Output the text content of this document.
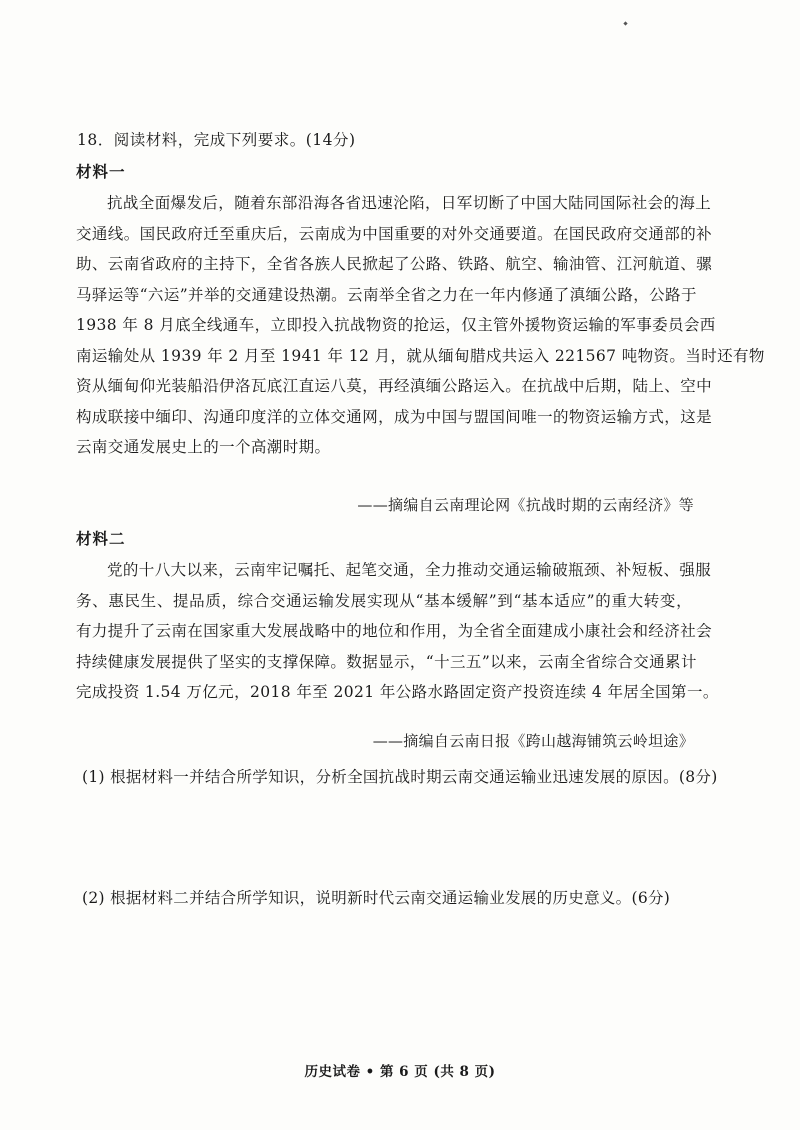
18．阅读材料，完成下列要求。(14分)
材料一
抗战全面爆发后，随着东部沿海各省迅速沦陷，日军切断了中国大陆同国际社会的海上
交通线。国民政府迁至重庆后，云南成为中国重要的对外交通要道。在国民政府交通部的补
助、云南省政府的主持下，全省各族人民掀起了公路、铁路、航空、输油管、江河航道、骡
马驿运等“六运”并举的交通建设热潮。云南举全省之力在一年内修通了滇缅公路，公路于
1938 年 8 月底全线通车，立即投入抗战物资的抢运，仅主管外援物资运输的军事委员会西
南运输处从 1939 年 2 月至 1941 年 12 月，就从缅甸腊戍共运入 221567 吨物资。当时还有物
资从缅甸仰光装船沿伊洛瓦底江直运八莫，再经滇缅公路运入。在抗战中后期，陆上、空中
构成联接中缅印、沟通印度洋的立体交通网，成为中国与盟国间唯一的物资运输方式，这是
云南交通发展史上的一个高潮时期。
——摘编自云南理论网《抗战时期的云南经济》等
材料二
党的十八大以来，云南牢记嘱托、起笔交通，全力推动交通运输破瓶颈、补短板、强服
务、惠民生、提品质，综合交通运输发展实现从“基本缓解”到“基本适应”的重大转变，
有力提升了云南在国家重大发展战略中的地位和作用，为全省全面建成小康社会和经济社会
持续健康发展提供了坚实的支撑保障。数据显示，“十三五”以来，云南全省综合交通累计
完成投资 1.54 万亿元，2018 年至 2021 年公路水路固定资产投资连续 4 年居全国第一。
——摘编自云南日报《跨山越海铺筑云岭坦途》
(1) 根据材料一并结合所学知识，分析全国抗战时期云南交通运输业迅速发展的原因。(8分)
(2) 根据材料二并结合所学知识，说明新时代云南交通运输业发展的历史意义。(6分)
历史试卷 • 第 6 页 (共 8 页)
